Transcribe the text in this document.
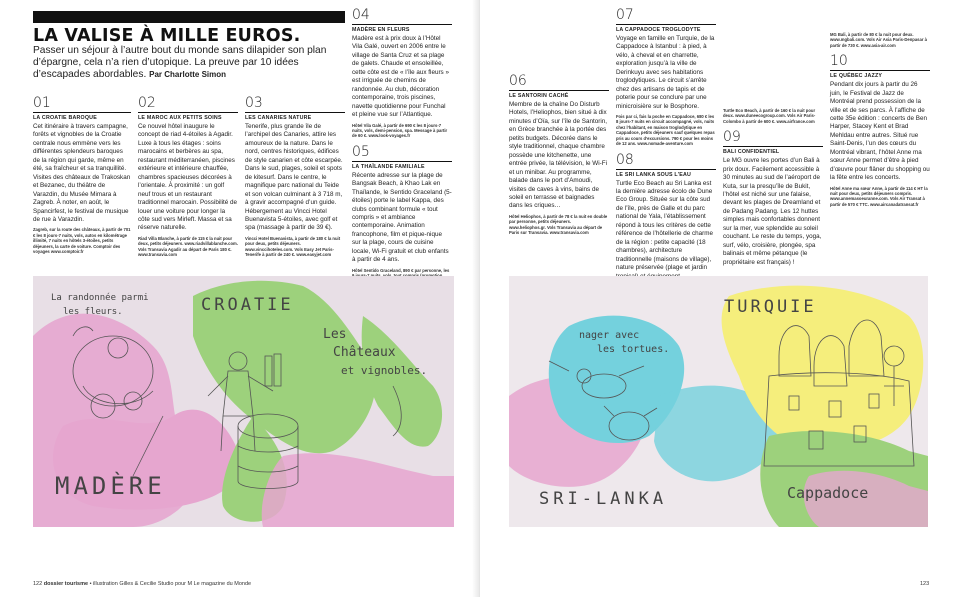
LA VALISE À MILLE EUROS.

Passer un séjour à l’autre bout du monde sans dilapider son plan d’épargne, cela n’a rien d’utopique. La preuve par 10 idées d’escapades abordables. Par Charlotte Simon

01
LA CROATIE BAROQUE
Cet itinéraire à travers campagne, forêts et vignobles de la Croatie centrale nous emmène vers les différentes splendeurs baroques de la région qui garde, même en été, sa fraîcheur et sa tranquillité. Visites des châteaux de Trakoskan et Bezanec, du théâtre de Varazdin, du Musée Mimara à Zagreb. À noter, en août, le Spancirfest, le festival de musique de rue à Varazdin.
Zagreb, sur la route des châteaux, à partir de 701 € les 8 jours-7 nuits, vols, autos en kilométrage illimité, 7 nuits en hôtels 3-étoiles, petits déjeuners, la carte de voiture. Comptoir des voyages www.comptoir.fr
02
LE MAROC AUX PETITS SOINS
Ce nouvel hôtel inaugure le concept de riad 4-étoiles à Agadir. Luxe à tous les étages : soins marocains et berbères au spa, restaurant méditerranéen, piscines extérieure et intérieure chauffée, chambres spacieuses décorées à l’orientale. À proximité : un golf neuf trous et un restaurant traditionnel marocain. Possibilité de louer une voiture pour longer la côte sud vers Mirleft. Massa et sa réserve naturelle.
Riad Villa Blanche, à partir de 115 € la nuit pour deux, petits déjeuners. www.riadvillablanche.com. Vols Transavia Agadir au départ de Paris 180 €. www.transavia.com
03
LES CANARIES NATURE
Tenerife, plus grande île de l’archipel des Canaries, attire les amoureux de la nature. Dans le nord, centres historiques, édifices de style canarien et côte escarpée. Dans le sud, plages, soleil et spots de kitesurf. Dans le centre, le magnifique parc national du Teide et son volcan culminant à 3 718 m, à gravir accompagné d’un guide. Hébergement au Vincci Hotel Buenavista 5-étoiles, avec golf et spa (massage à partir de 39 €).
Vincci Hotel Buenavista, à partir de 180 € la nuit pour deux, petits déjeuners. www.vinccihoteles.com. Vols Easy Jet Paris-Tenerife à partir de 240 €. www.easyjet.com
04
MADÈRE EN FLEURS
Madère est à prix doux à l’Hôtel Vila Galé, ouvert en 2006 entre le village de Santa Cruz et sa plage de galets. Chaude et ensoleillée, cette côte est de « l’île aux fleurs » est irriguée de chemins de randonnée. Au club, décoration contemporaine, trois piscines, navette quotidienne pour Funchal et pleine vue sur l’Atlantique.
Hôtel Vila Galé, à partir de 690 € les 8 jours-7 nuits, vols, demi-pension, spa. Message à partir de 60 €. www.look-voyages.fr
05
LA THAÏLANDE FAMILIALE
Récente adresse sur la plage de Bangsak Beach, à Khao Lak en Thaïlande, le Sentido Graceland (5-étoiles) porte le label Kappa, des clubs combinant formule « tout compris » et ambiance contemporaine. Animation francophone, film et pique-nique sur la plage, cours de cuisine locale, Wi-Fi gratuit et club enfants à partir de 4 ans.
Hôtel Sentido Graceland, 890 € par personne, les
La randonnée parmi
les fleurs.	CROATIE
Les
Châteaux
et vignobles.
MADÈRE
122 dossier tourisme • illustration Gilles & Cecilie Studio pour M Le magazine du Monde
06
LE SANTORIN CACHÉ
Membre de la chaîne Do Disturb Hotels, l’Heliophos, bien situé à dix minutes d’Oïa, sur l’île de Santorin, en Grèce branchée à la portée des petits budgets. Décorée dans le style traditionnel, chaque chambre possède une kitchenette, une entrée privée, la télévision, le Wi-Fi et un minibar. Au programme, balade dans le port d’Amoudi, visites de caves à vins, bains de soleil en terrasse et baignades dans les criques…
Hôtel Heliophos, à partir de 78 € la nuit en double par personne, petits déjeuners. www.heliophos.gr. Vols Transavia au départ de Paris sur Transavia. www.transavia.com
07
LA CAPPADOCE TROGLODYTE
Voyage en famille en Turquie, de la Cappadoce à Istanbul : à pied, à vélo, à cheval et en charrette, exploration jusqu’à la ville de Derinkuyu avec ses habitations troglodytiques. Le circuit s’arrête chez des artisans de tapis et de poterie pour se conclure par une minicroisière sur le Bosphore.
Fois par ci, fais la poche en Cappadoce, 680 € les 8 jours-7 nuits en circuit accompagné, vols, nuits chez l’habitant, en maison troglodytique en Cappadoce, petits déjeuners sauf quelques repas pris au cours d’excursions. 790 € pour les moins de 12 ans. www.nomade-aventure.com
08
LE SRI LANKA SOUS L’EAU
Turtle Eco Beach au Sri Lanka est la dernière adresse écolo de Dune Eco Group. Située sur la côte sud de l’île, près de Galle et du parc national de Yala, l’établissement répond à tous les critères de cette référence de l’hôtellerie de charme de la région : petite capacité (18 chambres), architecture traditionnelle (maisons de village), nature préservée (plage et jardin
Turtle Eco Beach, à partir de 160 € la nuit pour deux. www.duneecogroup.com. Vols Air Paris-Colombo à partir de 600 €. www.airfrance.com
09
BALI CONFIDENTIEL
Le MG ouvre les portes d’un Bali à prix doux. Facilement accessible à 30 minutes au sud de l’aéroport de Kuta, sur la presqu’île de Bukit, l’hôtel est niché sur une falaise, devant les plages de Dreamland et de Padang Padang. Les 12 huttes simples mais confortables donnent sur la mer, vue splendide au soleil couchant. Le reste du temps, yoga, surf, vélo, croisière, plongée, spa balinais et même pétanque (le propriétaire est français) !
MG Bali, à partir de 80 € la nuit pour deux. www.mgbali.com. Vols Air Asia Paris-Denpasar à partir de 730 €. www.asia-air.com
10
LE QUÉBEC JAZZY
Pendant dix jours à partir du 26 juin, le Festival de Jazz de Montréal prend possession de la ville et de ses parcs. À l’affiche de cette 35e édition : concerts de Ben Harper, Stacey Kent et Brad Mehldau entre autres. Situé rue Saint-Denis, l’un des cœurs du Montréal vibrant, l’hôtel Anne ma sœur Anne permet d’être à pied d’œuvre pour flâner du shopping ou la fête entre les concerts.
Hôtel Anne ma sœur Anne, à partir de 114 € HT la nuit pour deux, petits déjeuners compris. www.annemasoeuranne.com. Vols Air Transat à partir de 570 € TTC. www.aircanadatransat.fr
TURQUIE
nager avec
les tortues.
SRI-LANKA	Cappadoce
123
